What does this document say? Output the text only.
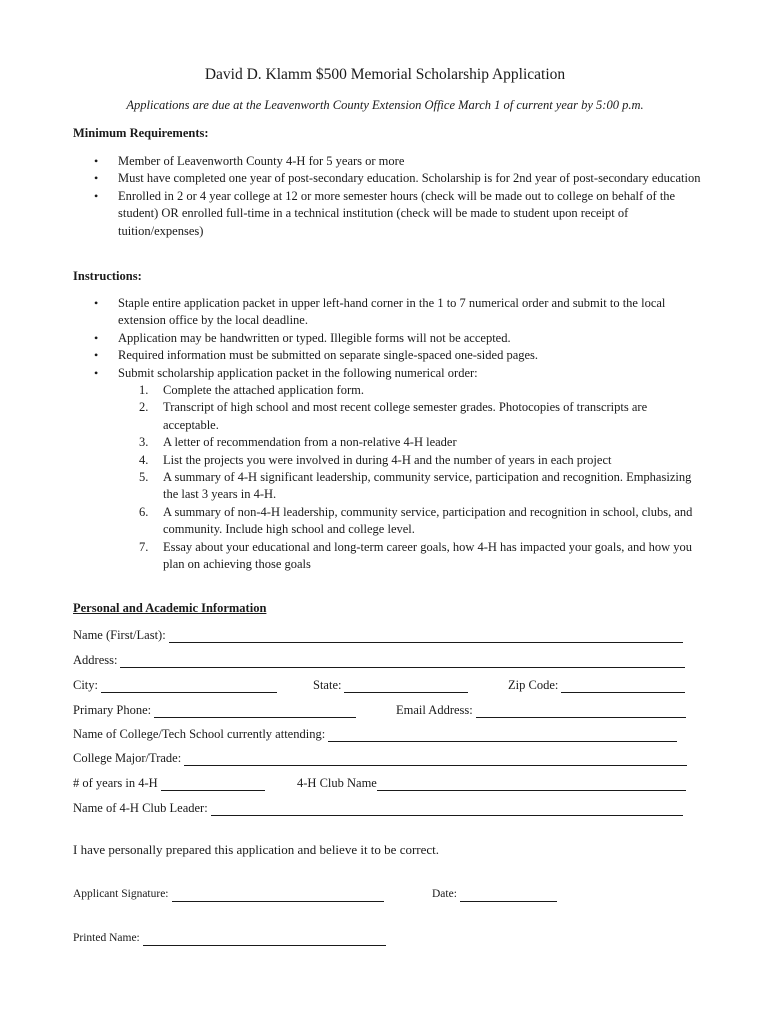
David D. Klamm $500 Memorial Scholarship Application
Applications are due at the Leavenworth County Extension Office March 1 of current year by 5:00 p.m.
Minimum Requirements:
• Member of Leavenworth County 4-H for 5 years or more
• Must have completed one year of post-secondary education. Scholarship is for 2nd year of post-secondary education
• Enrolled in 2 or 4 year college at 12 or more semester hours (check will be made out to college on behalf of the student) OR enrolled full-time in a technical institution (check will be made to student upon receipt of tuition/expenses)
Instructions:
• Staple entire application packet in upper left-hand corner in the 1 to 7 numerical order and submit to the local extension office by the local deadline.
• Application may be handwritten or typed. Illegible forms will not be accepted.
• Required information must be submitted on separate single-spaced one-sided pages.
• Submit scholarship application packet in the following numerical order:
1. Complete the attached application form.
2. Transcript of high school and most recent college semester grades. Photocopies of transcripts are acceptable.
3. A letter of recommendation from a non-relative 4-H leader
4. List the projects you were involved in during 4-H and the number of years in each project
5. A summary of 4-H significant leadership, community service, participation and recognition. Emphasizing the last 3 years in 4-H.
6. A summary of non-4-H leadership, community service, participation and recognition in school, clubs, and community. Include high school and college level.
7. Essay about your educational and long-term career goals, how 4-H has impacted your goals, and how you plan on achieving those goals
Personal and Academic Information
Name (First/Last):
Address:
City:	State:	Zip Code:
Primary Phone:	Email Address:
Name of College/Tech School currently attending:
College Major/Trade:
# of years in 4-H	4-H Club Name
Name of 4-H Club Leader:
I have personally prepared this application and believe it to be correct.
Applicant Signature:	Date:
Printed Name:
